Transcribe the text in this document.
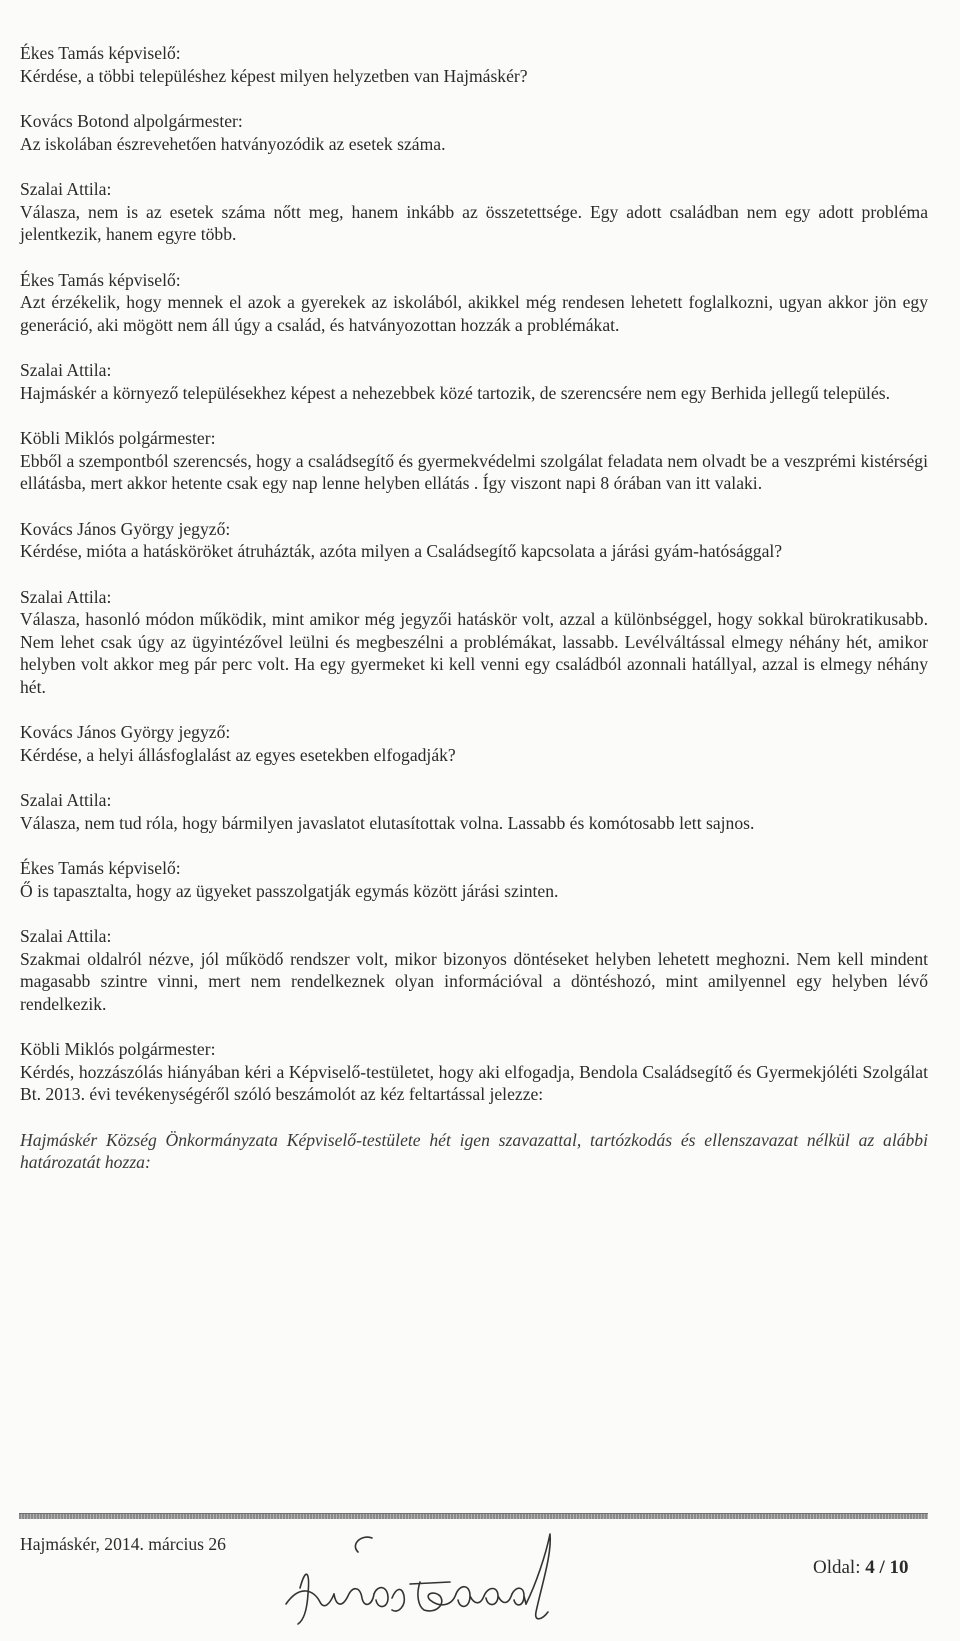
Ékes Tamás képviselő:

Kérdése, a többi településhez képest milyen helyzetben van Hajmáskér?

Kovács Botond alpolgármester:

Az iskolában észrevehetően hatványozódik az esetek száma.

Szalai Attila:

Válasza, nem is az esetek száma nőtt meg, hanem inkább az összetettsége. Egy adott családban nem egy adott probléma jelentkezik, hanem egyre több.

Ékes Tamás képviselő:

Azt érzékelik, hogy mennek el azok a gyerekek az iskolából, akikkel még rendesen lehetett foglalkozni, ugyan akkor jön egy generáció, aki mögött nem áll úgy a család, és hatványozottan hozzák a problémákat.

Szalai Attila:

Hajmáskér a környező településekhez képest a nehezebbek közé tartozik, de szerencsére nem egy Berhida jellegű település.

Köbli Miklós polgármester:

Ebből a szempontból szerencsés, hogy a családsegítő és gyermekvédelmi szolgálat feladata nem olvadt be a veszprémi kistérségi ellátásba, mert akkor hetente csak egy nap lenne helyben ellátás . Így viszont napi 8 órában van itt valaki.

Kovács János György jegyző:

Kérdése, mióta a hatásköröket átruházták, azóta milyen a Családsegítő kapcsolata a járási gyám-hatósággal?

Szalai Attila:

Válasza, hasonló módon működik, mint amikor még jegyzői hatáskör volt, azzal a különbséggel, hogy sokkal bürokratikusabb. Nem lehet csak úgy az ügyintézővel leülni és megbeszélni a problémákat, lassabb. Levélváltással elmegy néhány hét, amikor helyben volt akkor meg pár perc volt. Ha egy gyermeket ki kell venni egy családból azonnali hatállyal, azzal is elmegy néhány hét.

Kovács János György jegyző:

Kérdése, a helyi állásfoglalást az egyes esetekben elfogadják?

Szalai Attila:

Válasza, nem tud róla, hogy bármilyen javaslatot elutasítottak volna. Lassabb és komótosabb lett sajnos.

Ékes Tamás képviselő:

Ő is tapasztalta, hogy az ügyeket passzolgatják egymás között járási szinten.

Szalai Attila:

Szakmai oldalról nézve, jól működő rendszer volt, mikor bizonyos döntéseket helyben lehetett meghozni. Nem kell mindent magasabb szintre vinni, mert nem rendelkeznek olyan információval a döntéshozó, mint amilyennel egy helyben lévő rendelkezik.

Köbli Miklós polgármester:

Kérdés, hozzászólás hiányában kéri a Képviselő-testületet, hogy aki elfogadja, Bendola Családsegítő és Gyermekjóléti Szolgálat Bt. 2013. évi tevékenységéről szóló beszámolót az kéz feltartással jelezze:

Hajmáskér Község Önkormányzata Képviselő-testülete hét igen szavazattal, tartózkodás és ellenszavazat nélkül az alábbi határozatát hozza:

Hajmáskér, 2014. március 26
Oldal: 4 / 10
